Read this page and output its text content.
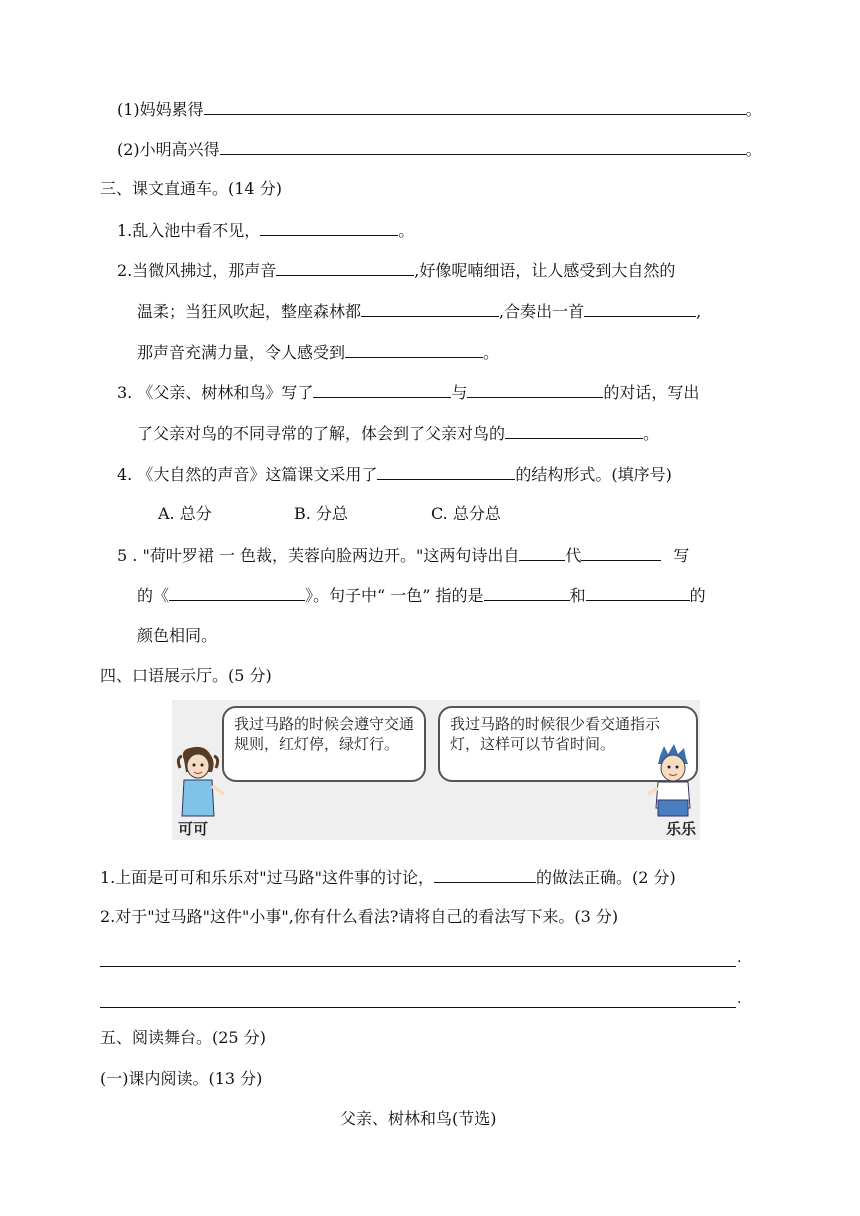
(1)妈妈累得	。
(2)小明高兴得	。
三、课文直通车。(14 分)
1.乱入池中看不见，	。
2.当微风拂过，那声音	,好像呢喃细语，让人感受到大自然的
温柔；当狂风吹起，整座森林都	,合奏出一首	,
那声音充满力量，令人感受到	。
3. 《父亲、树林和鸟》写了	与	的对话，写出
了父亲对鸟的不同寻常的了解，体会到了父亲对鸟的	。
4. 《大自然的声音》这篇课文采用了	的结构形式。(填序号)
A. 总分	B. 分总	C. 总分总
5 . "荷叶罗裙 一 色裁，芙蓉向脸两边开。"这两句诗出自	代	写
的《	》。句子中“ 一色” 指的是	和	的
颜色相同。
四、口语展示厅。(5 分)
我过马路的时候会遵守交通规则，红灯停，绿灯行。
我过马路的时候很少看交通指示灯，这样可以节省时间。
可可	乐乐
1.上面是可可和乐乐对"过马路"这件事的讨论，	的做法正确。(2 分)
2.对于"过马路"这件"小事",你有什么看法?请将自己的看法写下来。(3 分)
.
.
五、阅读舞台。(25 分)
(一)课内阅读。(13 分)
父亲、树林和鸟(节选)
